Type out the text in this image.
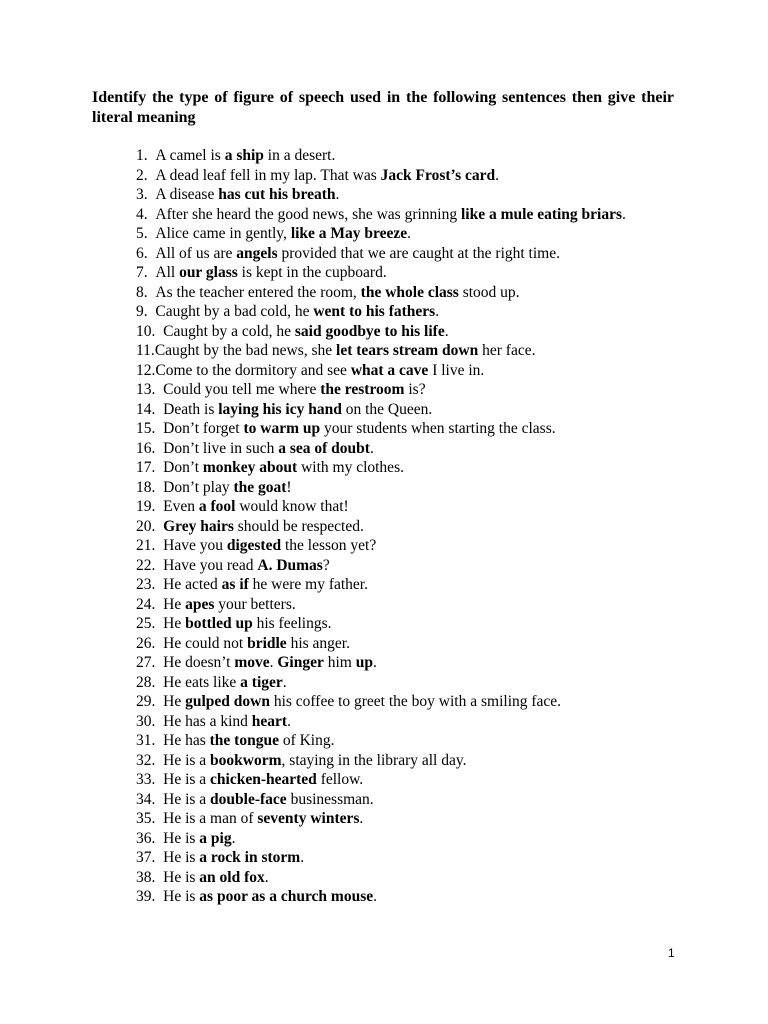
Identify the type of figure of speech used in the following sentences then give their literal meaning
1. A camel is a ship in a desert.
2. A dead leaf fell in my lap. That was Jack Frost’s card.
3. A disease has cut his breath.
4. After she heard the good news, she was grinning like a mule eating briars.
5. Alice came in gently, like a May breeze.
6. All of us are angels provided that we are caught at the right time.
7. All our glass is kept in the cupboard.
8. As the teacher entered the room, the whole class stood up.
9. Caught by a bad cold, he went to his fathers.
10. Caught by a cold, he said goodbye to his life.
11. Caught by the bad news, she let tears stream down her face.
12. Come to the dormitory and see what a cave I live in.
13. Could you tell me where the restroom is?
14. Death is laying his icy hand on the Queen.
15. Don’t forget to warm up your students when starting the class.
16. Don’t live in such a sea of doubt.
17. Don’t monkey about with my clothes.
18. Don’t play the goat!
19. Even a fool would know that!
20. Grey hairs should be respected.
21. Have you digested the lesson yet?
22. Have you read A. Dumas?
23. He acted as if he were my father.
24. He apes your betters.
25. He bottled up his feelings.
26. He could not bridle his anger.
27. He doesn’t move. Ginger him up.
28. He eats like a tiger.
29. He gulped down his coffee to greet the boy with a smiling face.
30. He has a kind heart.
31. He has the tongue of King.
32. He is a bookworm, staying in the library all day.
33. He is a chicken-hearted fellow.
34. He is a double-face businessman.
35. He is a man of seventy winters.
36. He is a pig.
37. He is a rock in storm.
38. He is an old fox.
39. He is as poor as a church mouse.
1
